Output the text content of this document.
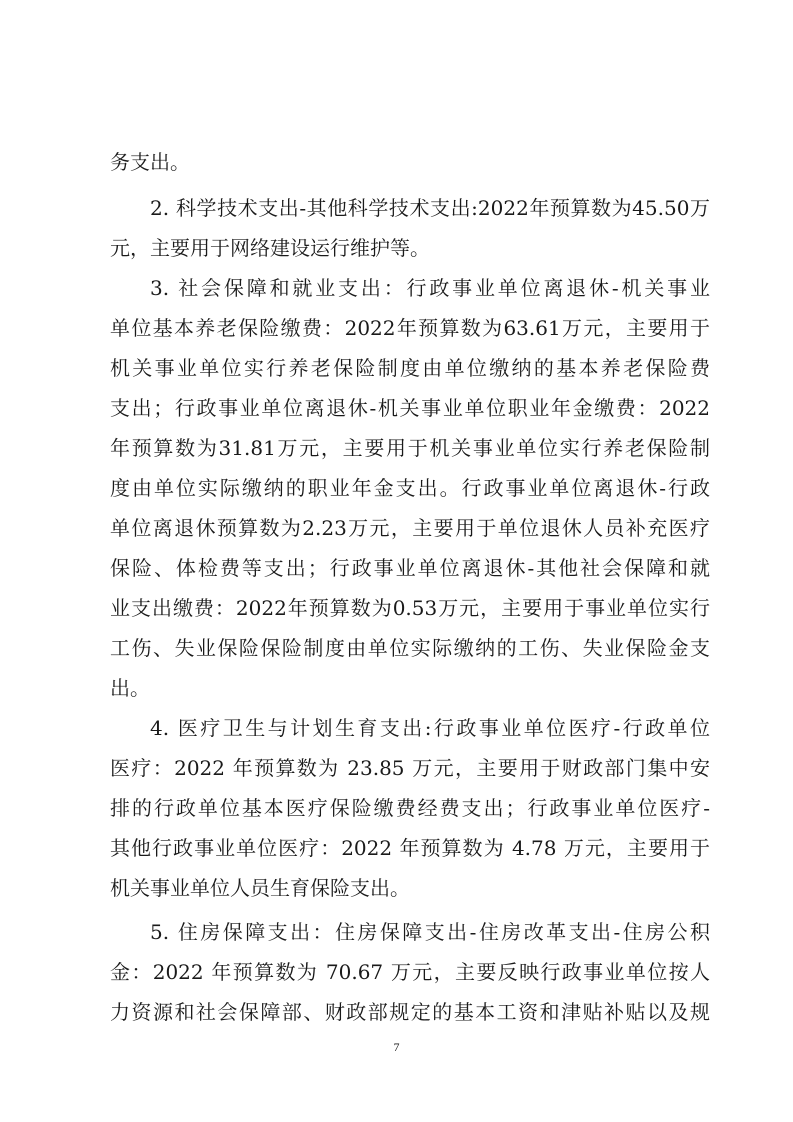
务支出。
2. 科学技术支出-其他科学技术支出:2022年预算数为45.50万
元，主要用于网络建设运行维护等。
3. 社会保障和就业支出：行政事业单位离退休-机关事业
单位基本养老保险缴费：2022年预算数为63.61万元，主要用于
机关事业单位实行养老保险制度由单位缴纳的基本养老保险费
支出；行政事业单位离退休-机关事业单位职业年金缴费：2022
年预算数为31.81万元，主要用于机关事业单位实行养老保险制
度由单位实际缴纳的职业年金支出。行政事业单位离退休-行政
单位离退休预算数为2.23万元，主要用于单位退休人员补充医疗
保险、体检费等支出；行政事业单位离退休-其他社会保障和就
业支出缴费：2022年预算数为0.53万元，主要用于事业单位实行
工伤、失业保险保险制度由单位实际缴纳的工伤、失业保险金支
出。
4. 医疗卫生与计划生育支出:行政事业单位医疗-行政单位
医疗：2022 年预算数为 23.85 万元，主要用于财政部门集中安
排的行政单位基本医疗保险缴费经费支出；行政事业单位医疗-
其他行政事业单位医疗：2022 年预算数为 4.78 万元，主要用于
机关事业单位人员生育保险支出。
5. 住房保障支出：住房保障支出-住房改革支出-住房公积
金：2022 年预算数为 70.67 万元，主要反映行政事业单位按人
力资源和社会保障部、财政部规定的基本工资和津贴补贴以及规
7
